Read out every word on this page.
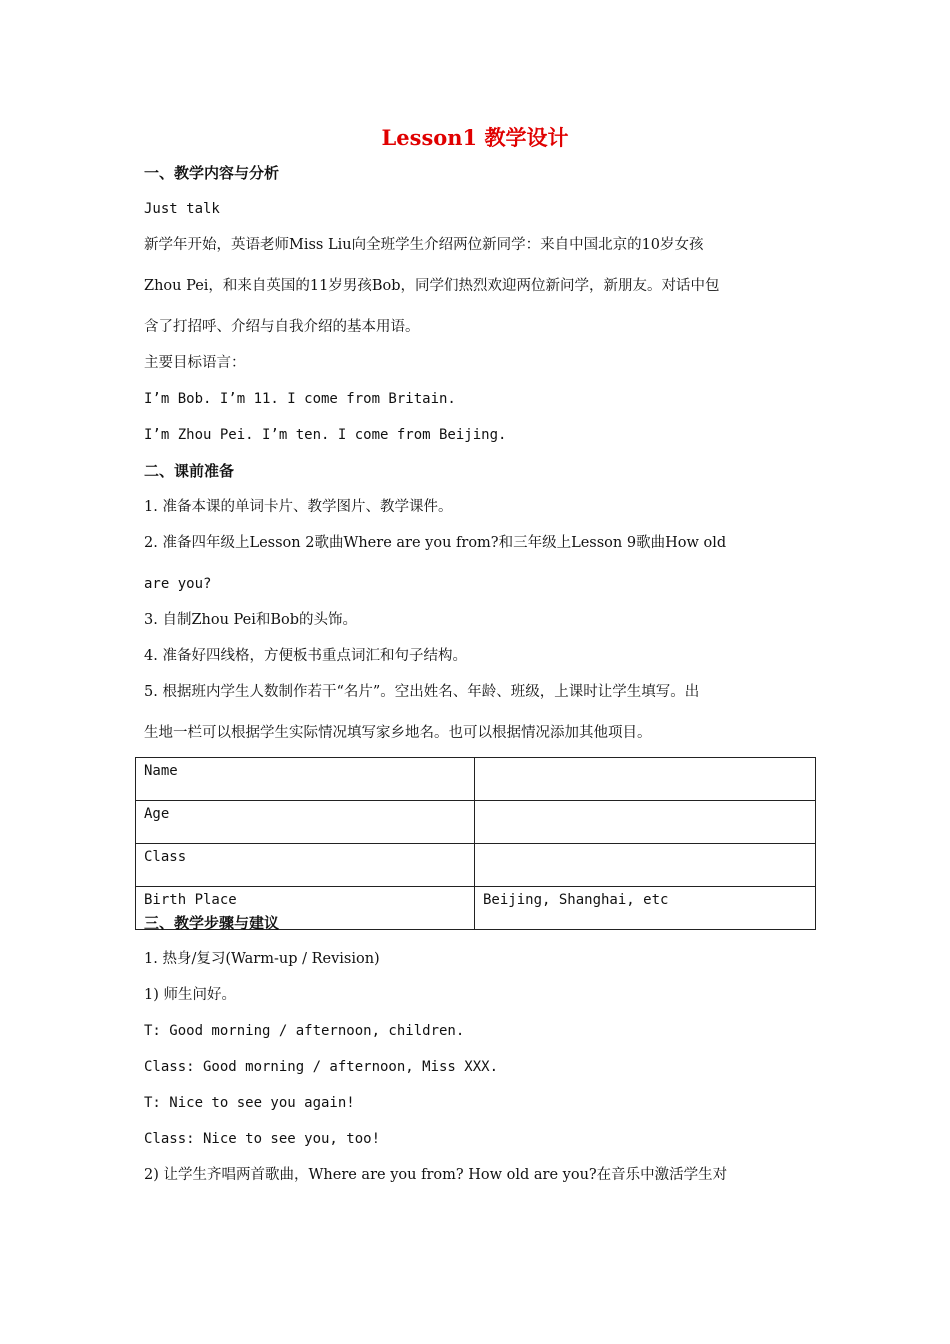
Lesson1 教学设计
一、教学内容与分析
Just talk
新学年开始，英语老师Miss Liu向全班学生介绍两位新同学：来自中国北京的10岁女孩
Zhou Pei，和来自英国的11岁男孩Bob，同学们热烈欢迎两位新问学，新朋友。对话中包
含了打招呼、介绍与自我介绍的基本用语。
主要目标语言：
I’m Bob. I’m 11. I come from Britain.
I’m Zhou Pei. I’m ten. I come from Beijing.
二、课前准备
1. 准备本课的单词卡片、教学图片、教学课件。
2. 准备四年级上Lesson 2歌曲Where are you from?和三年级上Lesson 9歌曲How old
are you?
3. 自制Zhou Pei和Bob的头饰。
4. 准备好四线格，方便板书重点词汇和句子结构。
5. 根据班内学生人数制作若干“名片”。空出姓名、年龄、班级，上课时让学生填写。出
生地一栏可以根据学生实际情况填写家乡地名。也可以根据情况添加其他项目。
Name	
Age	
Class	
Birth Place	Beijing, Shanghai, etc
三、教学步骤与建议
1. 热身/复习(Warm-up / Revision)
1) 师生问好。
T: Good morning / afternoon, children.
Class: Good morning / afternoon, Miss XXX.
T: Nice to see you again!
Class: Nice to see you, too!
2) 让学生齐唱两首歌曲，Where are you from? How old are you?在音乐中激活学生对
